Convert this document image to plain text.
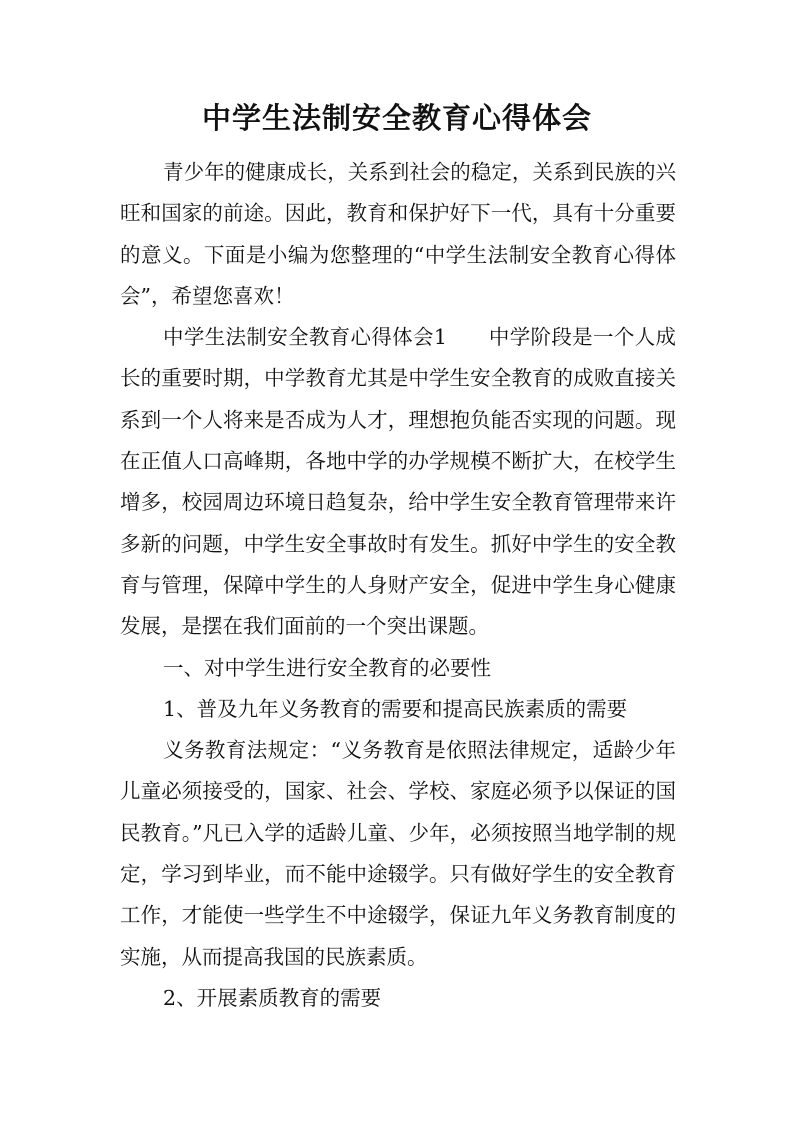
中学生法制安全教育心得体会

青少年的健康成长，关系到社会的稳定，关系到民族的兴旺和国家的前途。因此，教育和保护好下一代，具有十分重要的意义。下面是小编为您整理的“中学生法制安全教育心得体会”，希望您喜欢！

中学生法制安全教育心得体会1　　中学阶段是一个人成长的重要时期，中学教育尤其是中学生安全教育的成败直接关系到一个人将来是否成为人才，理想抱负能否实现的问题。现在正值人口高峰期，各地中学的办学规模不断扩大，在校学生增多，校园周边环境日趋复杂，给中学生安全教育管理带来许多新的问题，中学生安全事故时有发生。抓好中学生的安全教育与管理，保障中学生的人身财产安全，促进中学生身心健康发展，是摆在我们面前的一个突出课题。

一、对中学生进行安全教育的必要性

1、普及九年义务教育的需要和提高民族素质的需要

义务教育法规定：“义务教育是依照法律规定，适龄少年儿童必须接受的，国家、社会、学校、家庭必须予以保证的国民教育。”凡已入学的适龄儿童、少年，必须按照当地学制的规定，学习到毕业，而不能中途辍学。只有做好学生的安全教育工作，才能使一些学生不中途辍学，保证九年义务教育制度的实施，从而提高我国的民族素质。

2、开展素质教育的需要
